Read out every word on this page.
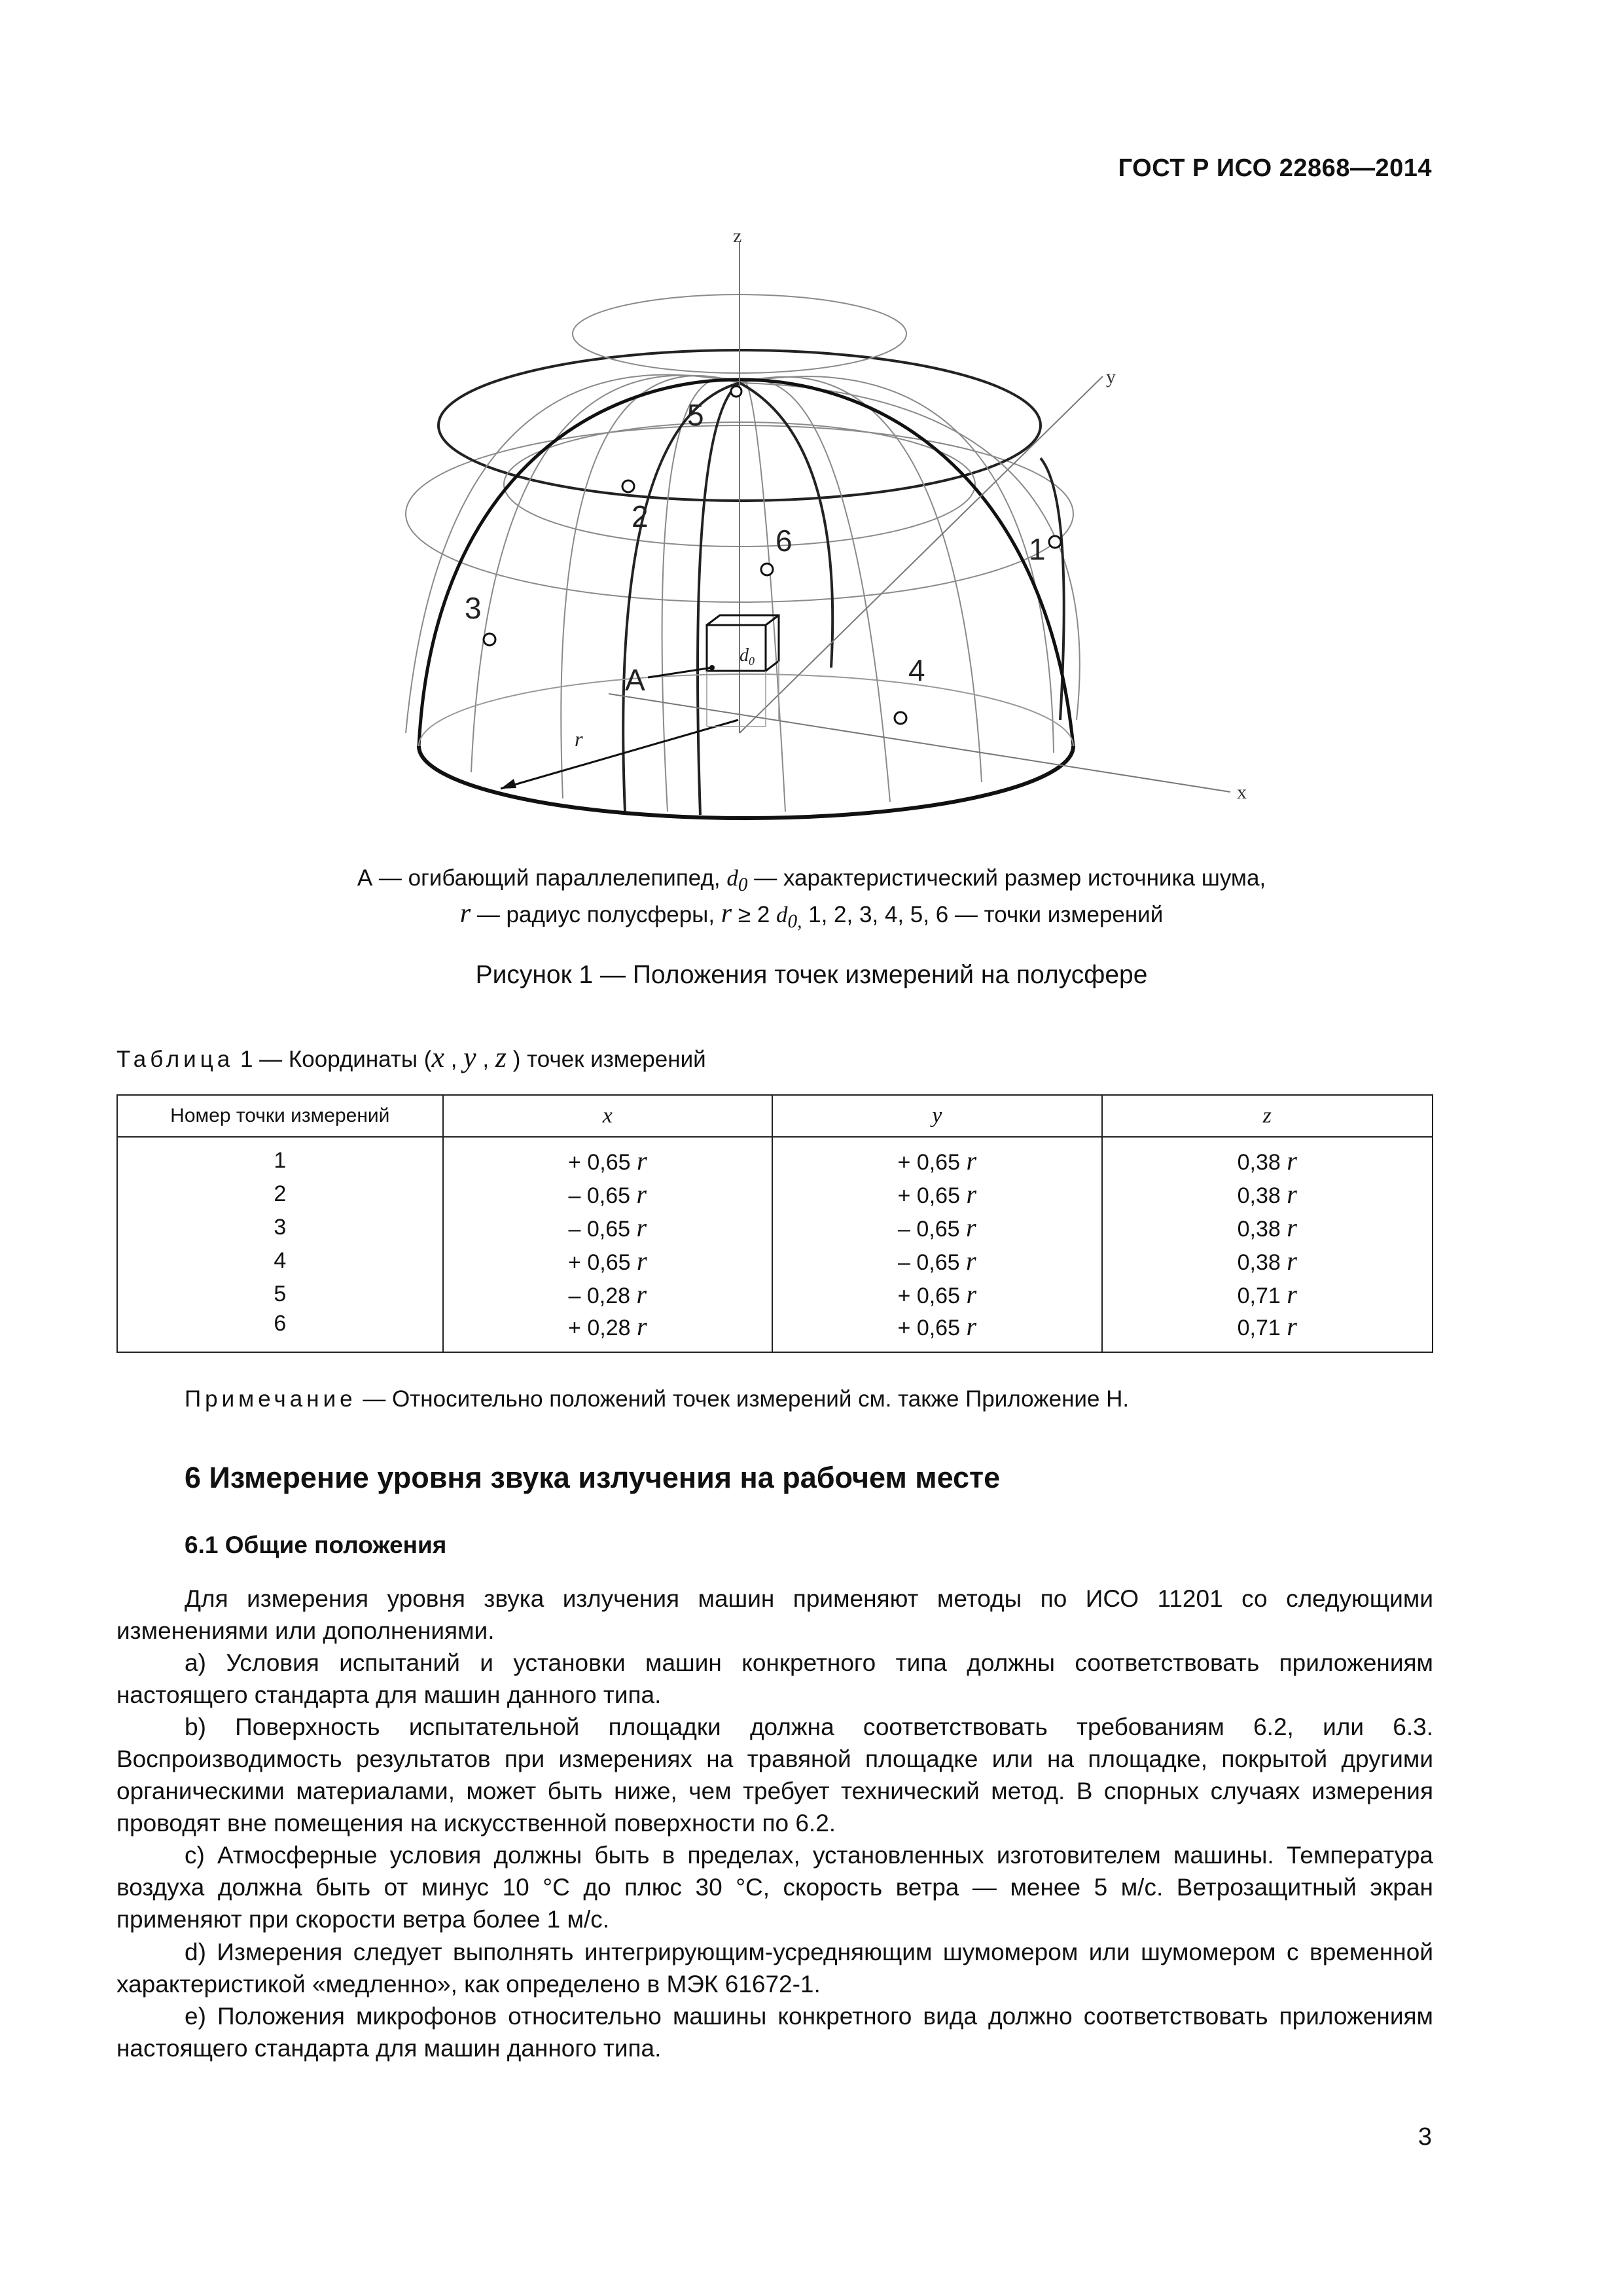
ГОСТ Р ИСО 22868—2014
z
x
y
r
$d_0$
A
1
2
3
4
5
6
А — огибающий параллелепипед, $d_0$ — характеристический размер источника шума,
r — радиус полусферы, r ≥ 2 $d_{0,}$ 1, 2, 3, 4, 5, 6 — точки измерений
Рисунок 1 — Положения точек измерений на полусфере
Таблица 1 — Координаты (x , y , z ) точек измерений
Номер точки измерений	x	y	z
1	+ 0,65 r	+ 0,65 r	0,38 r
2	– 0,65 r	+ 0,65 r	0,38 r
3	– 0,65 r	– 0,65 r	0,38 r
4	+ 0,65 r	– 0,65 r	0,38 r
5	– 0,28 r	+ 0,65 r	0,71 r
6	+ 0,28 r	+ 0,65 r	0,71 r
Примечание — Относительно положений точек измерений см. также Приложение Н.
6 Измерение уровня звука излучения на рабочем месте
6.1 Общие положения
Для измерения уровня звука излучения машин применяют методы по ИСО 11201 со следующими изменениями или дополнениями.
a) Условия испытаний и установки машин конкретного типа должны соответствовать приложениям настоящего стандарта для машин данного типа.
b) Поверхность испытательной площадки должна соответствовать требованиям 6.2, или 6.3. Воспроизводимость результатов при измерениях на травяной площадке или на площадке, покрытой другими органическими материалами, может быть ниже, чем требует технический метод. В спорных случаях измерения проводят вне помещения на искусственной поверхности по 6.2.
c) Атмосферные условия должны быть в пределах, установленных изготовителем машины. Температура воздуха должна быть от минус 10 °С до плюс 30 °С, скорость ветра — менее 5 м/с. Ветрозащитный экран применяют при скорости ветра более 1 м/с.
d) Измерения следует выполнять интегрирующим-усредняющим шумомером или шумомером с временной характеристикой «медленно», как определено в МЭК 61672-1.
e) Положения микрофонов относительно машины конкретного вида должно соответствовать приложениям настоящего стандарта для машин данного типа.
3
